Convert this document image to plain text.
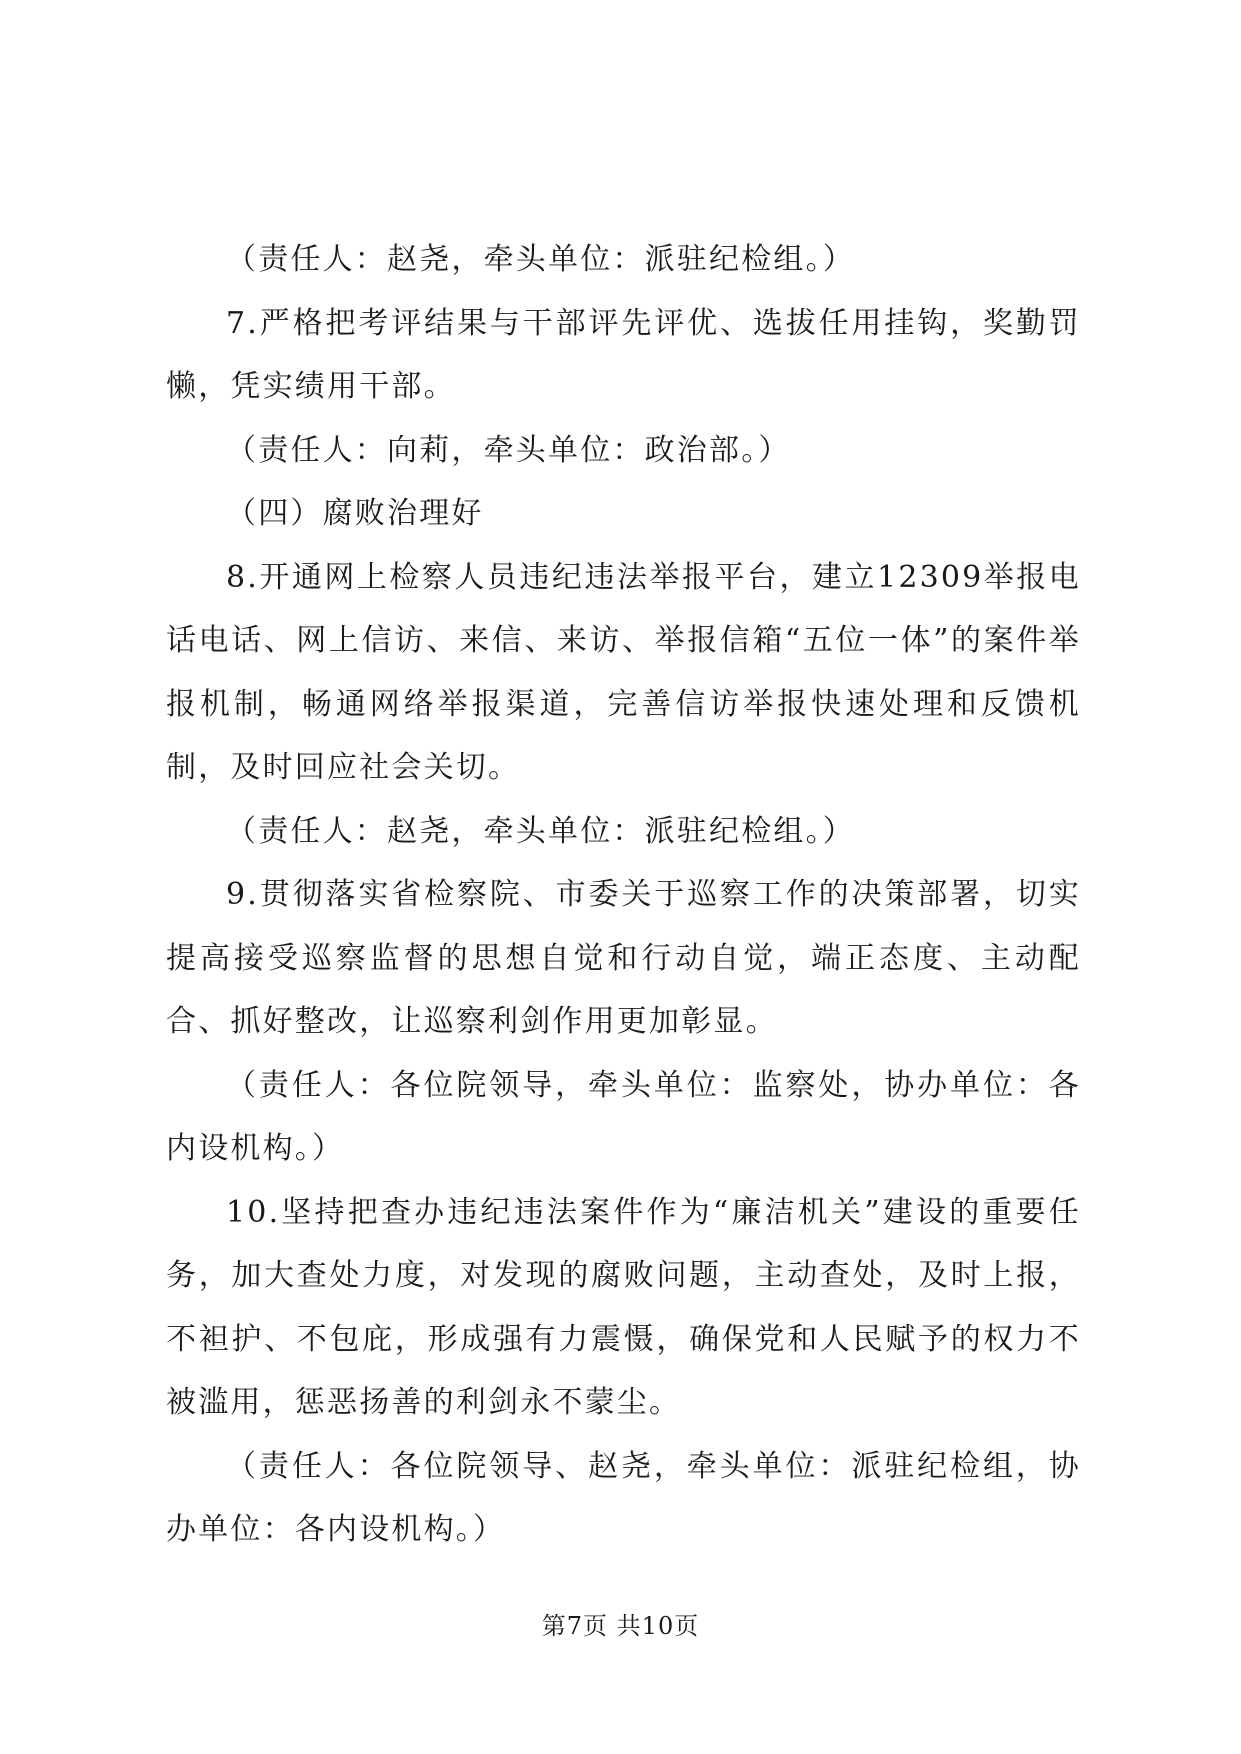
（责任人：赵尧，牵头单位：派驻纪检组。）

7.严格把考评结果与干部评先评优、选拔任用挂钩，奖勤罚懒，凭实绩用干部。

（责任人：向莉，牵头单位：政治部。）

（四）腐败治理好

8.开通网上检察人员违纪违法举报平台，建立12309举报电话电话、网上信访、来信、来访、举报信箱“五位一体”的案件举报机制，畅通网络举报渠道，完善信访举报快速处理和反馈机制，及时回应社会关切。

（责任人：赵尧，牵头单位：派驻纪检组。）

9.贯彻落实省检察院、市委关于巡察工作的决策部署，切实提高接受巡察监督的思想自觉和行动自觉，端正态度、主动配合、抓好整改，让巡察利剑作用更加彰显。

（责任人：各位院领导，牵头单位：监察处，协办单位：各内设机构。）

10.坚持把查办违纪违法案件作为“廉洁机关”建设的重要任务，加大查处力度，对发现的腐败问题，主动查处，及时上报，不袒护、不包庇，形成强有力震慑，确保党和人民赋予的权力不被滥用，惩恶扬善的利剑永不蒙尘。

（责任人：各位院领导、赵尧，牵头单位：派驻纪检组，协办单位：各内设机构。）

第7页 共10页
